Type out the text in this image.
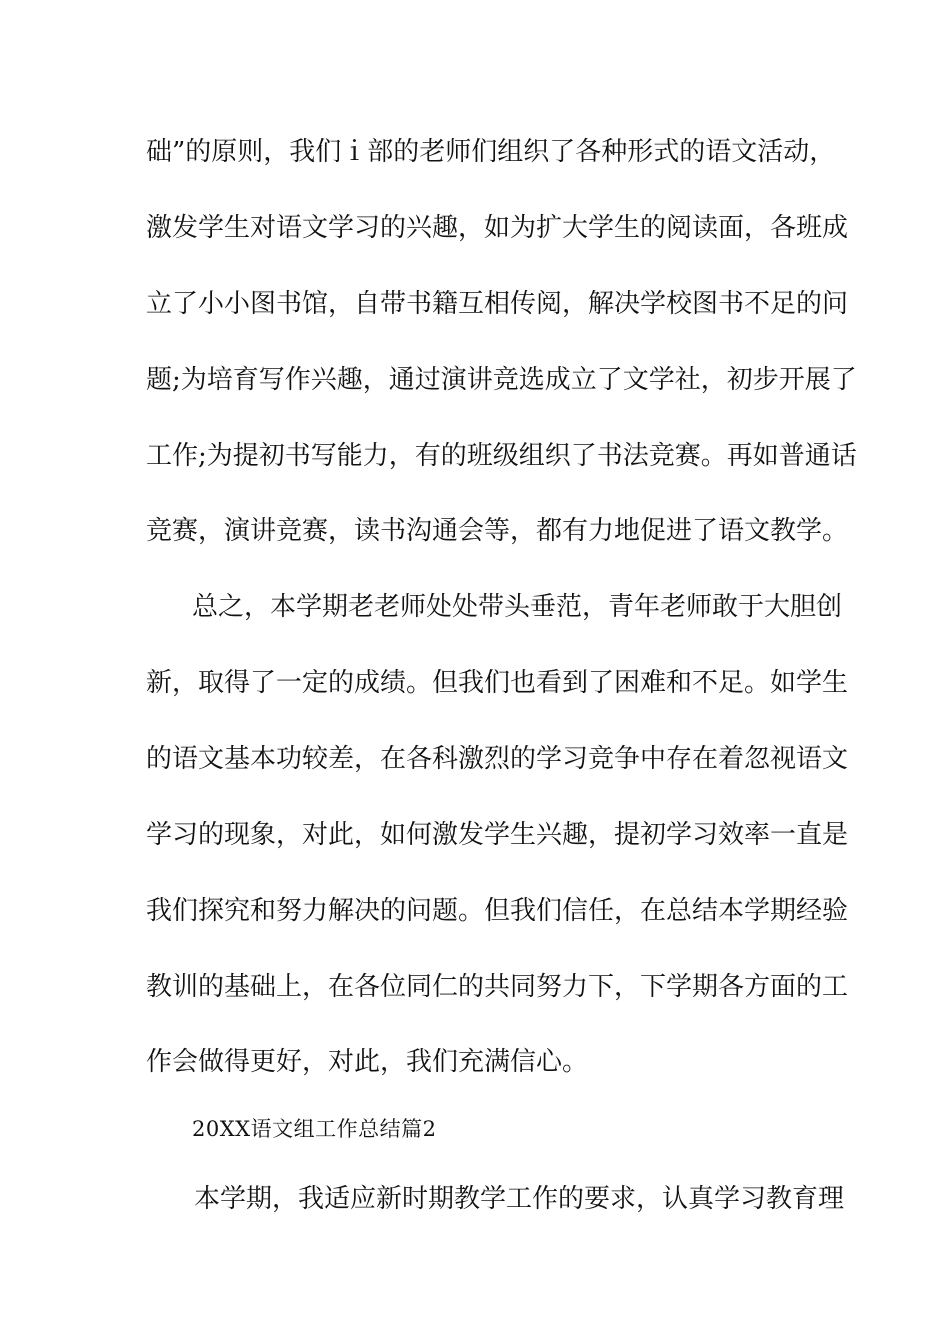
础”的原则，我们ｉ部的老师们组织了各种形式的语文活动，
激发学生对语文学习的兴趣，如为扩大学生的阅读面，各班成
立了小小图书馆，自带书籍互相传阅，解决学校图书不足的问
题;为培育写作兴趣，通过演讲竞选成立了文学社，初步开展了
工作;为提初书写能力，有的班级组织了书法竞赛。再如普通话
竞赛，演讲竞赛，读书沟通会等，都有力地促进了语文教学。
总之，本学期老老师处处带头垂范，青年老师敢于大胆创
新，取得了一定的成绩。但我们也看到了困难和不足。如学生
的语文基本功较差，在各科激烈的学习竞争中存在着忽视语文
学习的现象，对此，如何激发学生兴趣，提初学习效率一直是
我们探究和努力解决的问题。但我们信任，在总结本学期经验
教训的基础上，在各位同仁的共同努力下，下学期各方面的工
作会做得更好，对此，我们充满信心。
20XX语文组工作总结篇2
本学期，我适应新时期教学工作的要求，认真学习教育理
